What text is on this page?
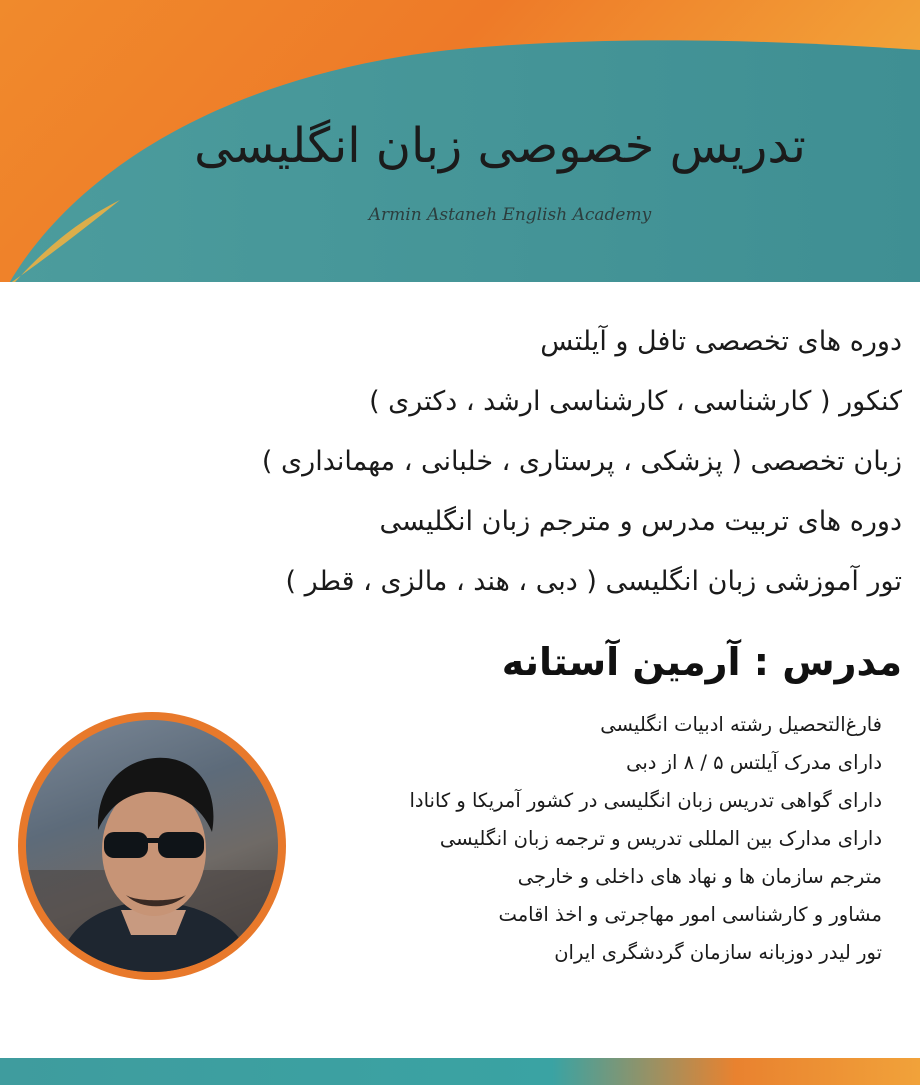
تدریس خصوصی زبان انگلیسی
Armin Astaneh English Academy
دوره های تخصصی تافل و آیلتس
کنکور ( کارشناسی ، کارشناسی ارشد ، دکتری )
زبان تخصصی ( پزشکی ، پرستاری ، خلبانی ، مهمانداری )
دوره های تربیت مدرس و مترجم زبان انگلیسی
تور آموزشی زبان انگلیسی ( دبی ، هند ، مالزی ، قطر )
مدرس : آرمین آستانه
فارغ‌التحصیل رشته ادبیات انگلیسی
دارای مدرک آیلتس ۵ / ۸ از دبی
دارای گواهی تدریس زبان انگلیسی در کشور آمریکا و کانادا
دارای مدارک بین المللی تدریس و ترجمه زبان انگلیسی
مترجم سازمان ها و نهاد های داخلی و خارجی
مشاور و کارشناسی امور مهاجرتی و اخذ اقامت
تور لیدر دوزبانه سازمان گردشگری ایران
